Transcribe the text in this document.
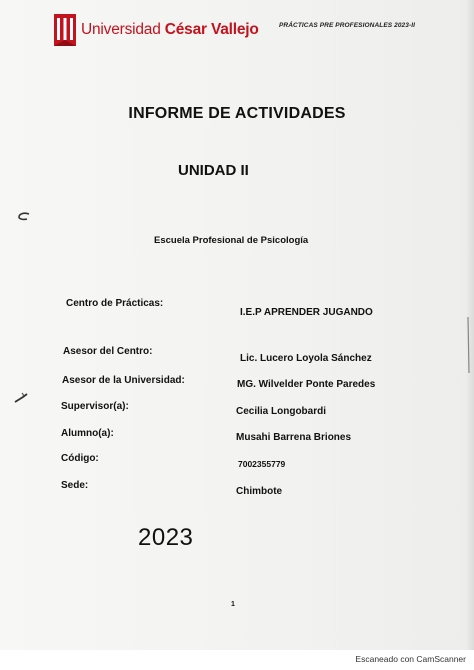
Universidad César Vallejo	PRÁCTICAS PRE PROFESIONALES 2023-II
INFORME DE ACTIVIDADES
UNIDAD II
Escuela Profesional de Psicología
Centro de Prácticas:
I.E.P APRENDER JUGANDO
Asesor del Centro:
Lic. Lucero Loyola Sánchez
Asesor de la Universidad:	MG. Wilvelder Ponte Paredes
Supervisor(a):	Cecilia Longobardi
Alumno(a):	Musahi Barrena Briones
Código:	7002355779
Sede:
Chimbote
2023
1
Escaneado con CamScanner
